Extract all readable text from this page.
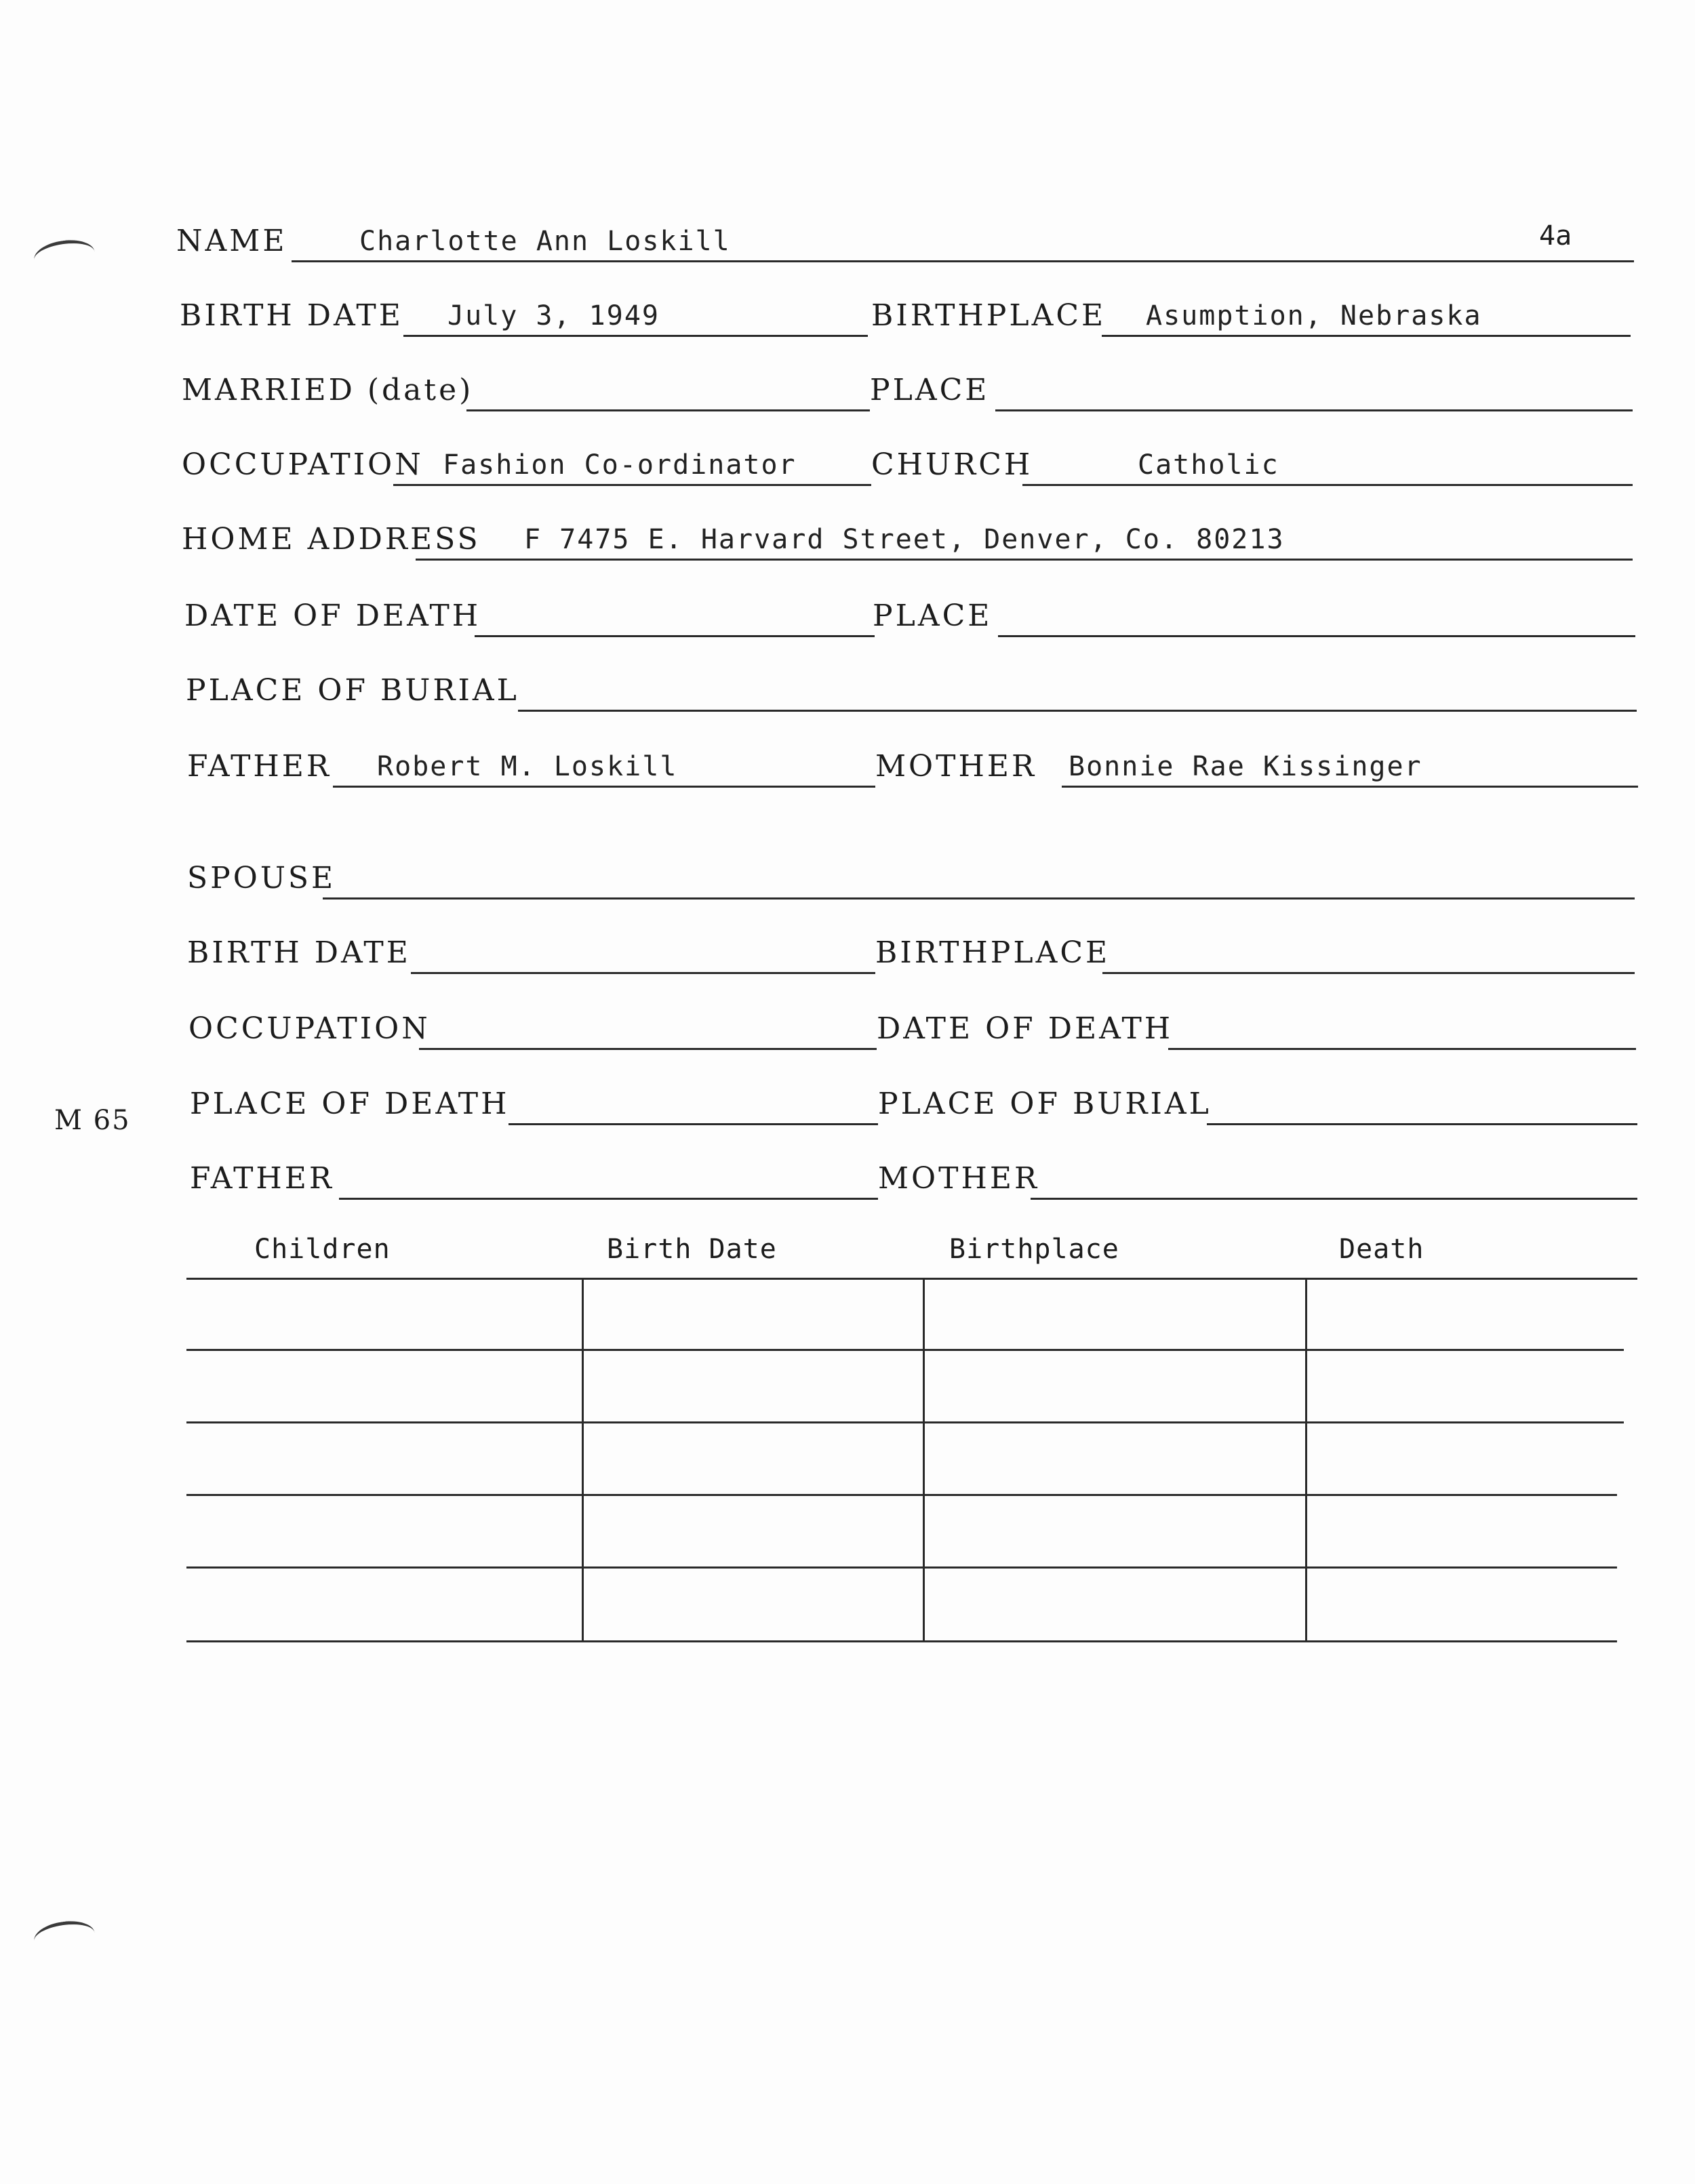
4a
M 65
NAME	Charlotte Ann Loskill
BIRTH DATE July 3, 1949	BIRTHPLACE Asumption, Nebraska
MARRIED (date)	PLACE
OCCUPATION Fashion Co-ordinator	CHURCH	Catholic
HOME ADDRESS F 7475 E. Harvard Street, Denver, Co. 80213
DATE OF DEATH	PLACE
PLACE OF BURIAL
FATHER Robert M. Loskill	MOTHER Bonnie Rae Kissinger
SPOUSE
BIRTH DATE	BIRTHPLACE
OCCUPATION	DATE OF DEATH
PLACE OF DEATH	PLACE OF BURIAL
FATHER	MOTHER
Children	Birth Date	Birthplace	Death
